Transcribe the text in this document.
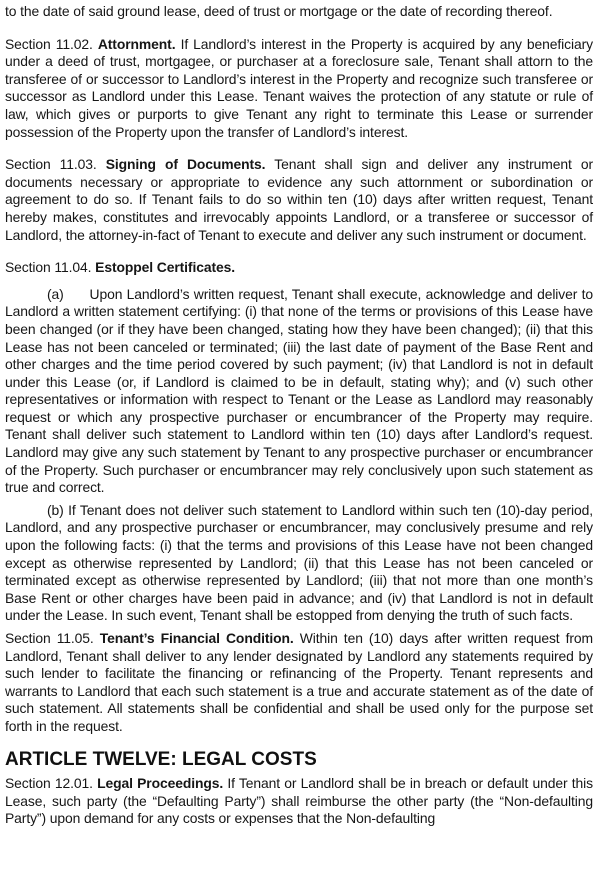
to the date of said ground lease, deed of trust or mortgage or the date of recording thereof.

Section 11.02. Attornment. If Landlord’s interest in the Property is acquired by any beneficiary under a deed of trust, mortgagee, or purchaser at a foreclosure sale, Tenant shall attorn to the transferee of or successor to Landlord’s interest in the Property and recognize such transferee or successor as Landlord under this Lease. Tenant waives the protection of any statute or rule of law, which gives or purports to give Tenant any right to terminate this Lease or surrender possession of the Property upon the transfer of Landlord’s interest.

Section 11.03. Signing of Documents. Tenant shall sign and deliver any instrument or documents necessary or appropriate to evidence any such attornment or subordination or agreement to do so. If Tenant fails to do so within ten (10) days after written request, Tenant hereby makes, constitutes and irrevocably appoints Landlord, or a transferee or successor of Landlord, the attorney-in-fact of Tenant to execute and deliver any such instrument or document.

Section 11.04. Estoppel Certificates.

(a)      Upon Landlord’s written request, Tenant shall execute, acknowledge and deliver to Landlord a written statement certifying: (i) that none of the terms or provisions of this Lease have been changed (or if they have been changed, stating how they have been changed); (ii) that this Lease has not been canceled or terminated; (iii) the last date of payment of the Base Rent and other charges and the time period covered by such payment; (iv) that Landlord is not in default under this Lease (or, if Landlord is claimed to be in default, stating why); and (v) such other representatives or information with respect to Tenant or the Lease as Landlord may reasonably request or which any prospective purchaser or encumbrancer of the Property may require. Tenant shall deliver such statement to Landlord within ten (10) days after Landlord’s request. Landlord may give any such statement by Tenant to any prospective purchaser or encumbrancer of the Property. Such purchaser or encumbrancer may rely conclusively upon such statement as true and correct.

(b) If Tenant does not deliver such statement to Landlord within such ten (10)-day period, Landlord, and any prospective purchaser or encumbrancer, may conclusively presume and rely upon the following facts: (i) that the terms and provisions of this Lease have not been changed except as otherwise represented by Landlord; (ii) that this Lease has not been canceled or terminated except as otherwise represented by Landlord; (iii) that not more than one month’s Base Rent or other charges have been paid in advance; and (iv) that Landlord is not in default under the Lease. In such event, Tenant shall be estopped from denying the truth of such facts.

Section 11.05. Tenant’s Financial Condition. Within ten (10) days after written request from Landlord, Tenant shall deliver to any lender designated by Landlord any statements required by such lender to facilitate the financing or refinancing of the Property. Tenant represents and warrants to Landlord that each such statement is a true and accurate statement as of the date of such statement. All statements shall be confidential and shall be used only for the purpose set forth in the request.

ARTICLE TWELVE: LEGAL COSTS

Section 12.01. Legal Proceedings. If Tenant or Landlord shall be in breach or default under this Lease, such party (the “Defaulting Party”) shall reimburse the other party (the “Non-defaulting Party”) upon demand for any costs or expenses that the Non-defaulting
